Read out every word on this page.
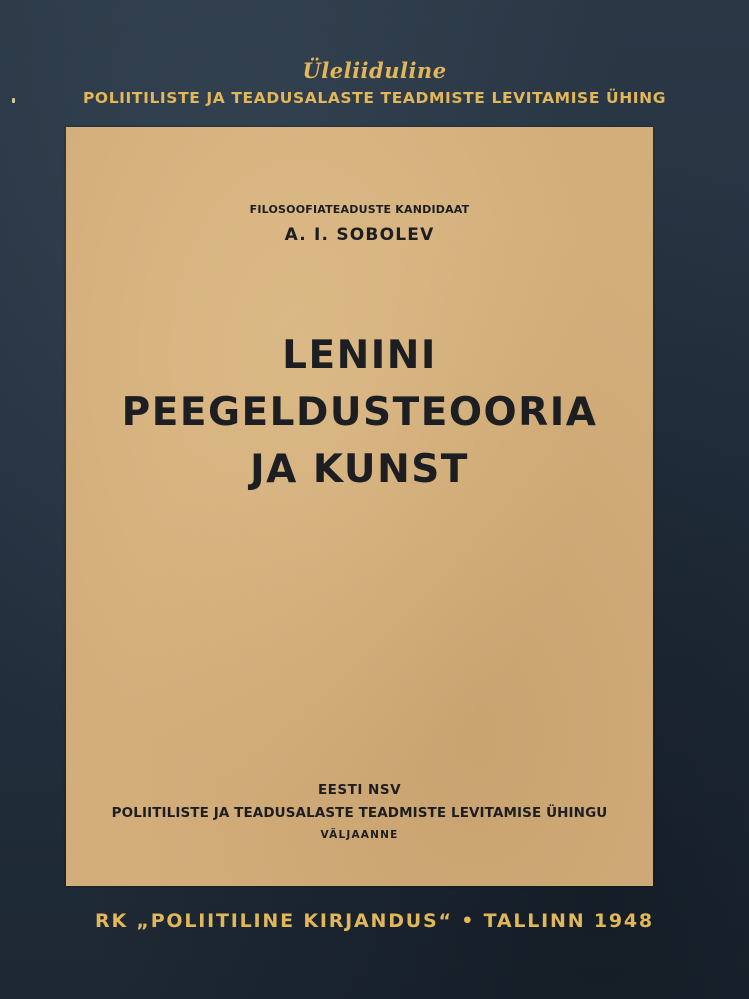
Üleliiduline
POLIITILISTE JA TEADUSALASTE TEADMISTE LEVITAMISE ÜHING
FILOSOOFIATEADUSTE KANDIDAAT
A. I. SOBOLEV
LENINI
PEEGELDUSTEOORIA
JA KUNST
EESTI NSV
POLIITILISTE JA TEADUSALASTE TEADMISTE LEVITAMISE ÜHINGU
VÄLJAANNE
RK „POLIITILINE KIRJANDUS“ • TALLINN 1948
